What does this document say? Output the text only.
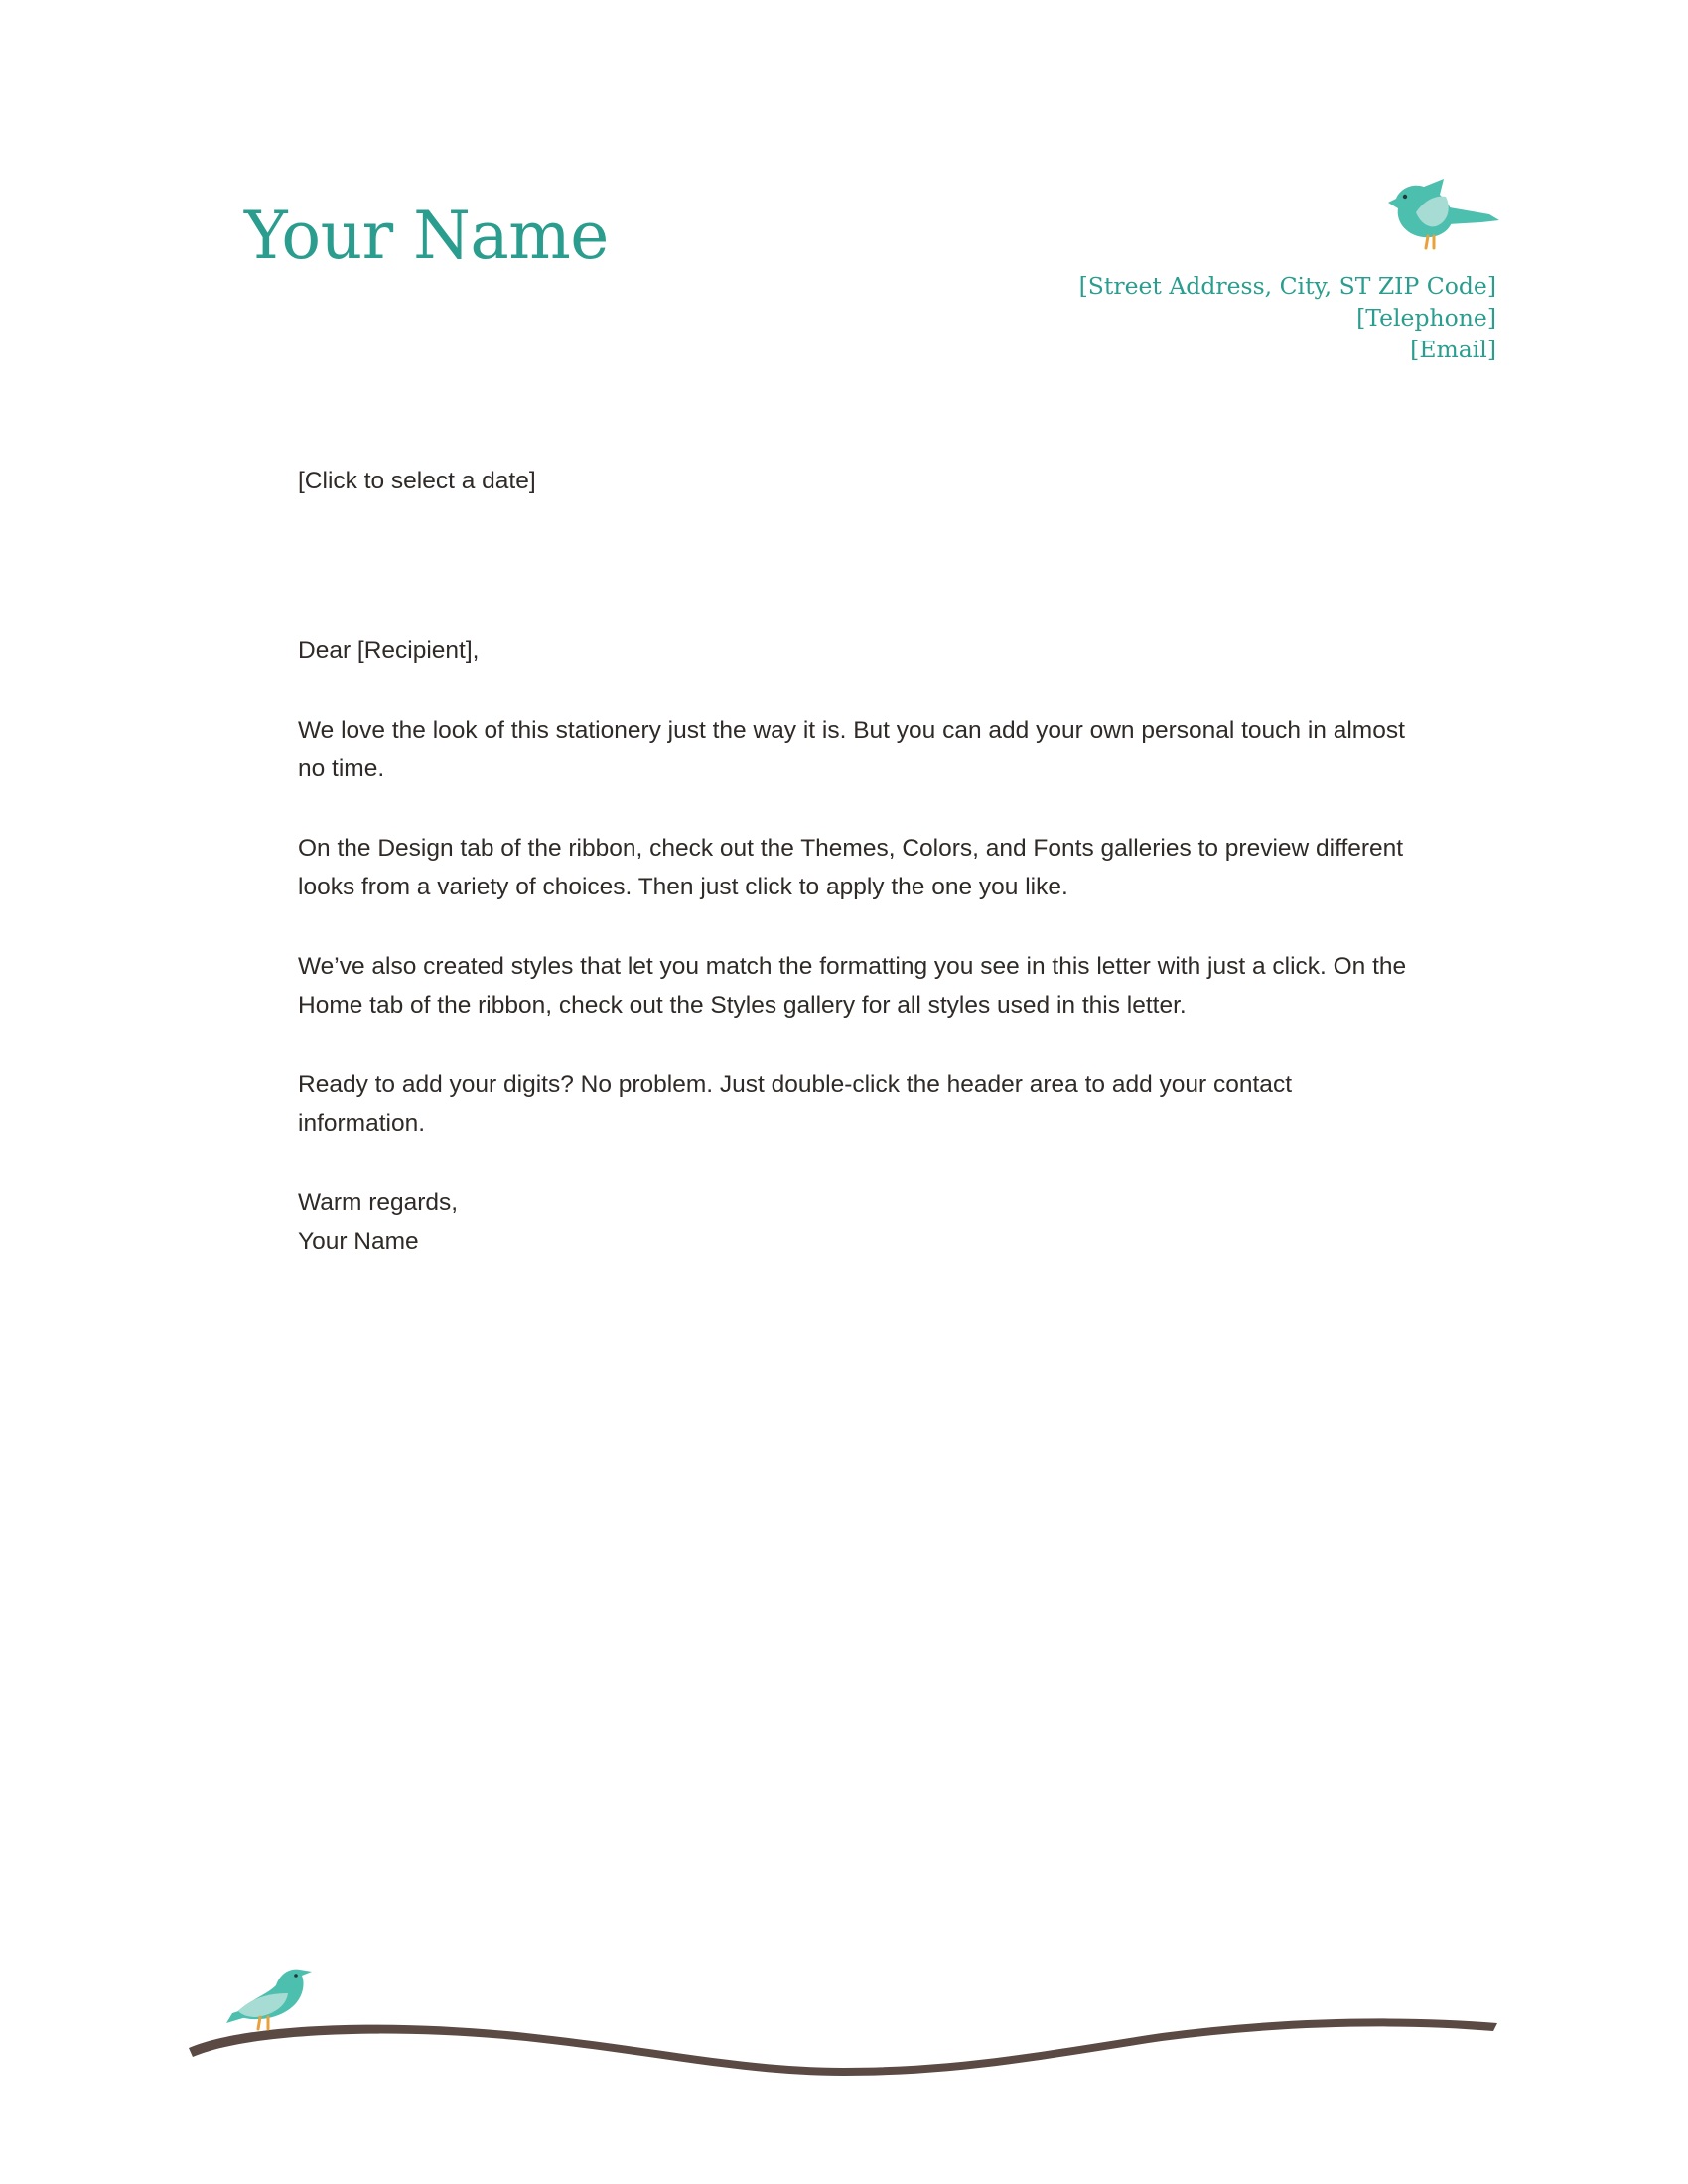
Your Name
[Street Address, City, ST ZIP Code]
[Telephone]
[Email]

[Click to select a date]

Dear [Recipient],

We love the look of this stationery just the way it is. But you can add your own personal touch in almost no time.

On the Design tab of the ribbon, check out the Themes, Colors, and Fonts galleries to preview different looks from a variety of choices. Then just click to apply the one you like.

We’ve also created styles that let you match the formatting you see in this letter with just a click. On the Home tab of the ribbon, check out the Styles gallery for all styles used in this letter.

Ready to add your digits? No problem. Just double-click the header area to add your contact information.

Warm regards,
Your Name
